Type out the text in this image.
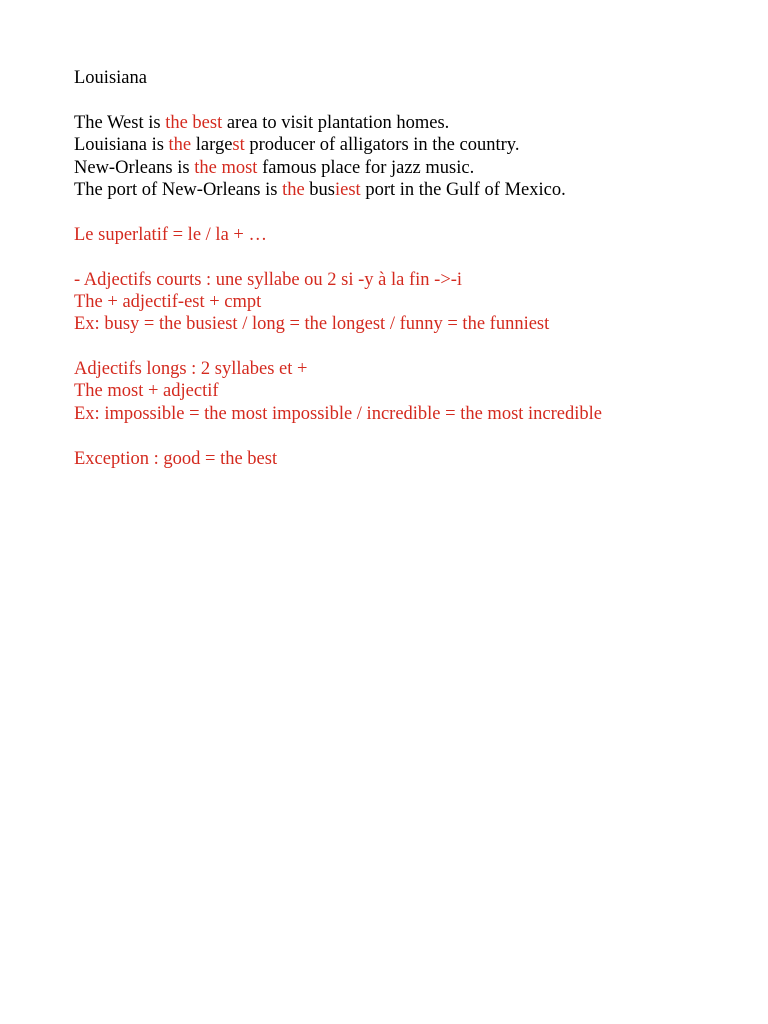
Louisiana
The West is the best area to visit plantation homes.
Louisiana is the largest producer of alligators in the country.
New-Orleans is the most famous place for jazz music.
The port of New-Orleans is the busiest port in the Gulf of Mexico.
Le superlatif = le / la + …
- Adjectifs courts : une syllabe ou 2 si -y à la fin ->-i
The + adjectif-est + cmpt
Ex: busy = the busiest / long = the longest / funny = the funniest
Adjectifs longs : 2 syllabes et +
The most + adjectif
Ex: impossible = the most impossible / incredible = the most incredible
Exception : good = the best
